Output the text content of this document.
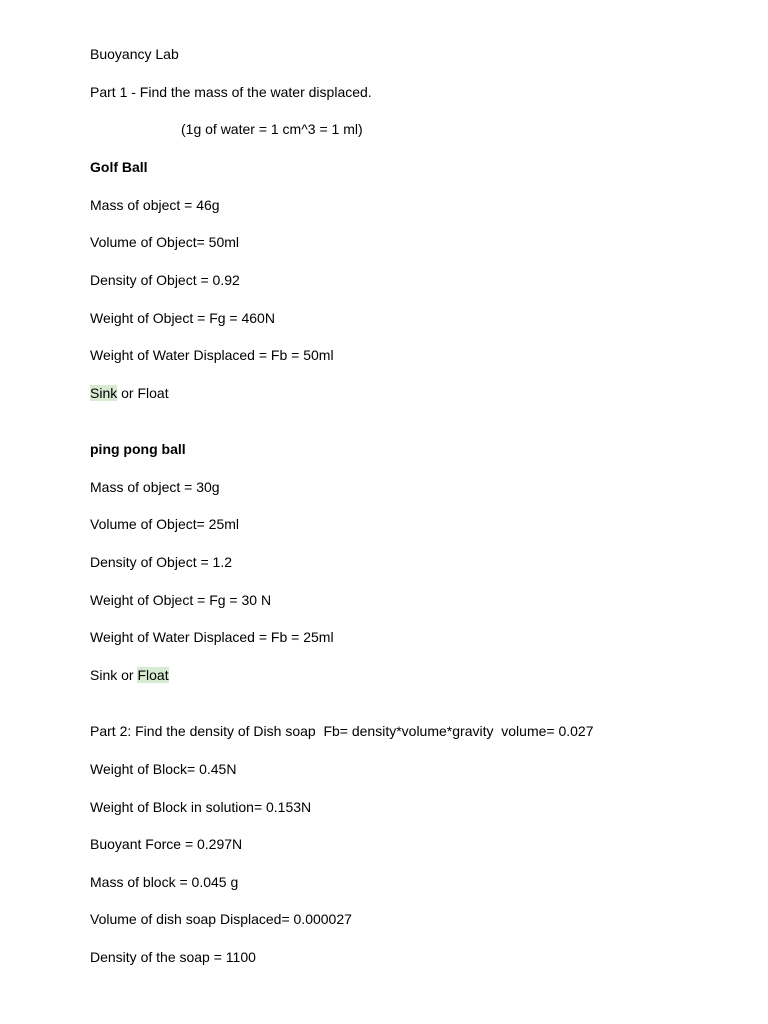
Buoyancy Lab
Part 1 - Find the mass of the water displaced.
(1g of water = 1 cm^3 = 1 ml)
Golf Ball
Mass of object = 46g
Volume of Object= 50ml
Density of Object = 0.92
Weight of Object = Fg = 460N
Weight of Water Displaced = Fb = 50ml
Sink or Float
ping pong ball
Mass of object = 30g
Volume of Object= 25ml
Density of Object = 1.2
Weight of Object = Fg = 30 N
Weight of Water Displaced = Fb = 25ml
Sink or Float
Part 2: Find the density of Dish soap  Fb= density*volume*gravity  volume= 0.027
Weight of Block= 0.45N
Weight of Block in solution= 0.153N
Buoyant Force = 0.297N
Mass of block = 0.045 g
Volume of dish soap Displaced= 0.000027
Density of the soap = 1100
